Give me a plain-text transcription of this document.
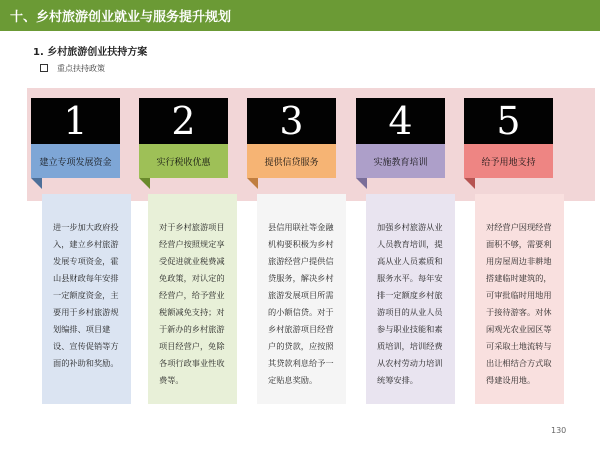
十、乡村旅游创业就业与服务提升规划
1. 乡村旅游创业扶持方案
重点扶持政策
进一步加大政府投入，建立乡村旅游发展专项资金，霍山县财政每年安排一定额度资金，主要用于乡村旅游规划编排、项目建设、宣传促销等方面的补助和奖励。
1
建立专项发展资金
对于乡村旅游项目经营户按照规定享受促进就业税费减免政策，对认定的经营户，给予营业税额减免支持；对于新办的乡村旅游项目经营户，免除各项行政事业性收费等。
2
实行税收优惠
县信用联社等金融机构要积极为乡村旅游经营户提供信贷服务，解决乡村旅游发展项目所需的小额信贷。对于乡村旅游项目经营户的贷款，应按照其贷款利息给予一定贴息奖励。
3
提供信贷服务
加强乡村旅游从业人员教育培训，提高从业人员素质和服务水平。每年安排一定额度乡村旅游项目的从业人员参与职业技能和素质培训，培训经费从农村劳动力培训统筹安排。
4
实施教育培训
对经营户因现经营面积不够，需要利用房屋周边非耕地搭建临时建筑的，可审批临时用地用于接待游客。对休闲观光农业园区等可采取土地流转与出让相结合方式取得建设用地。
5
给予用地支持
130
